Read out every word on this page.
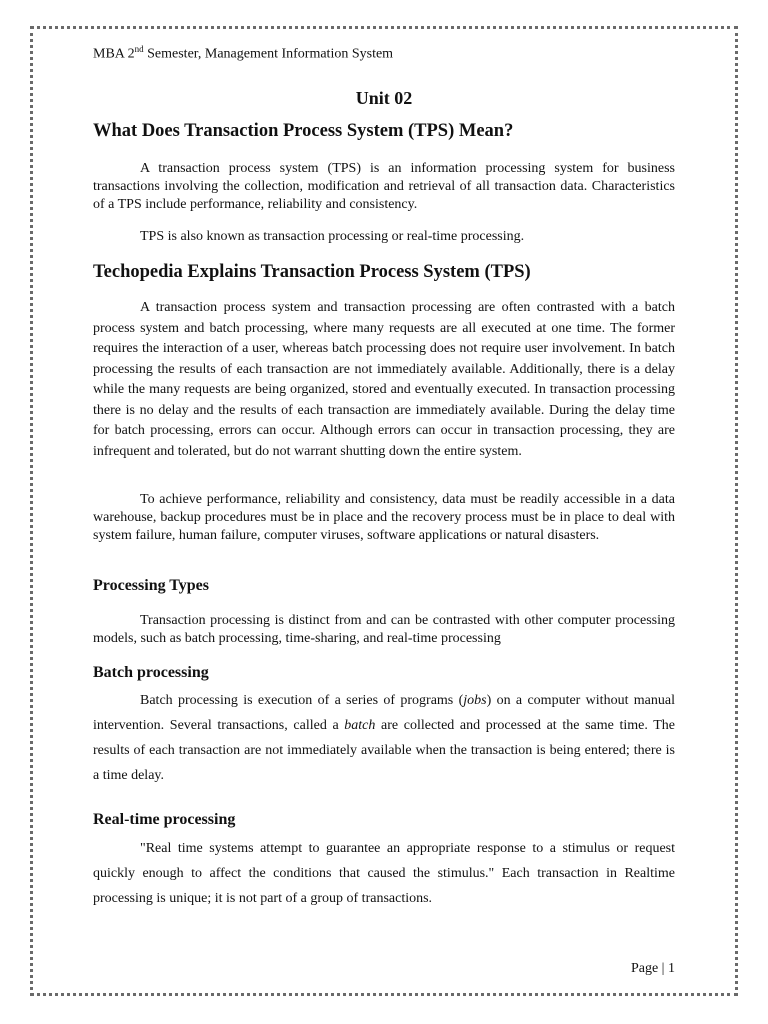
MBA 2nd Semester, Management Information System
Unit 02
What Does Transaction Process System (TPS) Mean?
A transaction process system (TPS) is an information processing system for business transactions involving the collection, modification and retrieval of all transaction data. Characteristics of a TPS include performance, reliability and consistency.
TPS is also known as transaction processing or real-time processing.
Techopedia Explains Transaction Process System (TPS)
A transaction process system and transaction processing are often contrasted with a batch process system and batch processing, where many requests are all executed at one time. The former requires the interaction of a user, whereas batch processing does not require user involvement. In batch processing the results of each transaction are not immediately available. Additionally, there is a delay while the many requests are being organized, stored and eventually executed. In transaction processing there is no delay and the results of each transaction are immediately available. During the delay time for batch processing, errors can occur. Although errors can occur in transaction processing, they are infrequent and tolerated, but do not warrant shutting down the entire system.
To achieve performance, reliability and consistency, data must be readily accessible in a data warehouse, backup procedures must be in place and the recovery process must be in place to deal with system failure, human failure, computer viruses, software applications or natural disasters.
Processing Types
Transaction processing is distinct from and can be contrasted with other computer processing models, such as batch processing, time-sharing, and real-time processing
Batch processing
Batch processing is execution of a series of programs (jobs) on a computer without manual intervention. Several transactions, called a batch are collected and processed at the same time. The results of each transaction are not immediately available when the transaction is being entered; there is a time delay.
Real-time processing
"Real time systems attempt to guarantee an appropriate response to a stimulus or request quickly enough to affect the conditions that caused the stimulus." Each transaction in Realtime processing is unique; it is not part of a group of transactions.
Page | 1
